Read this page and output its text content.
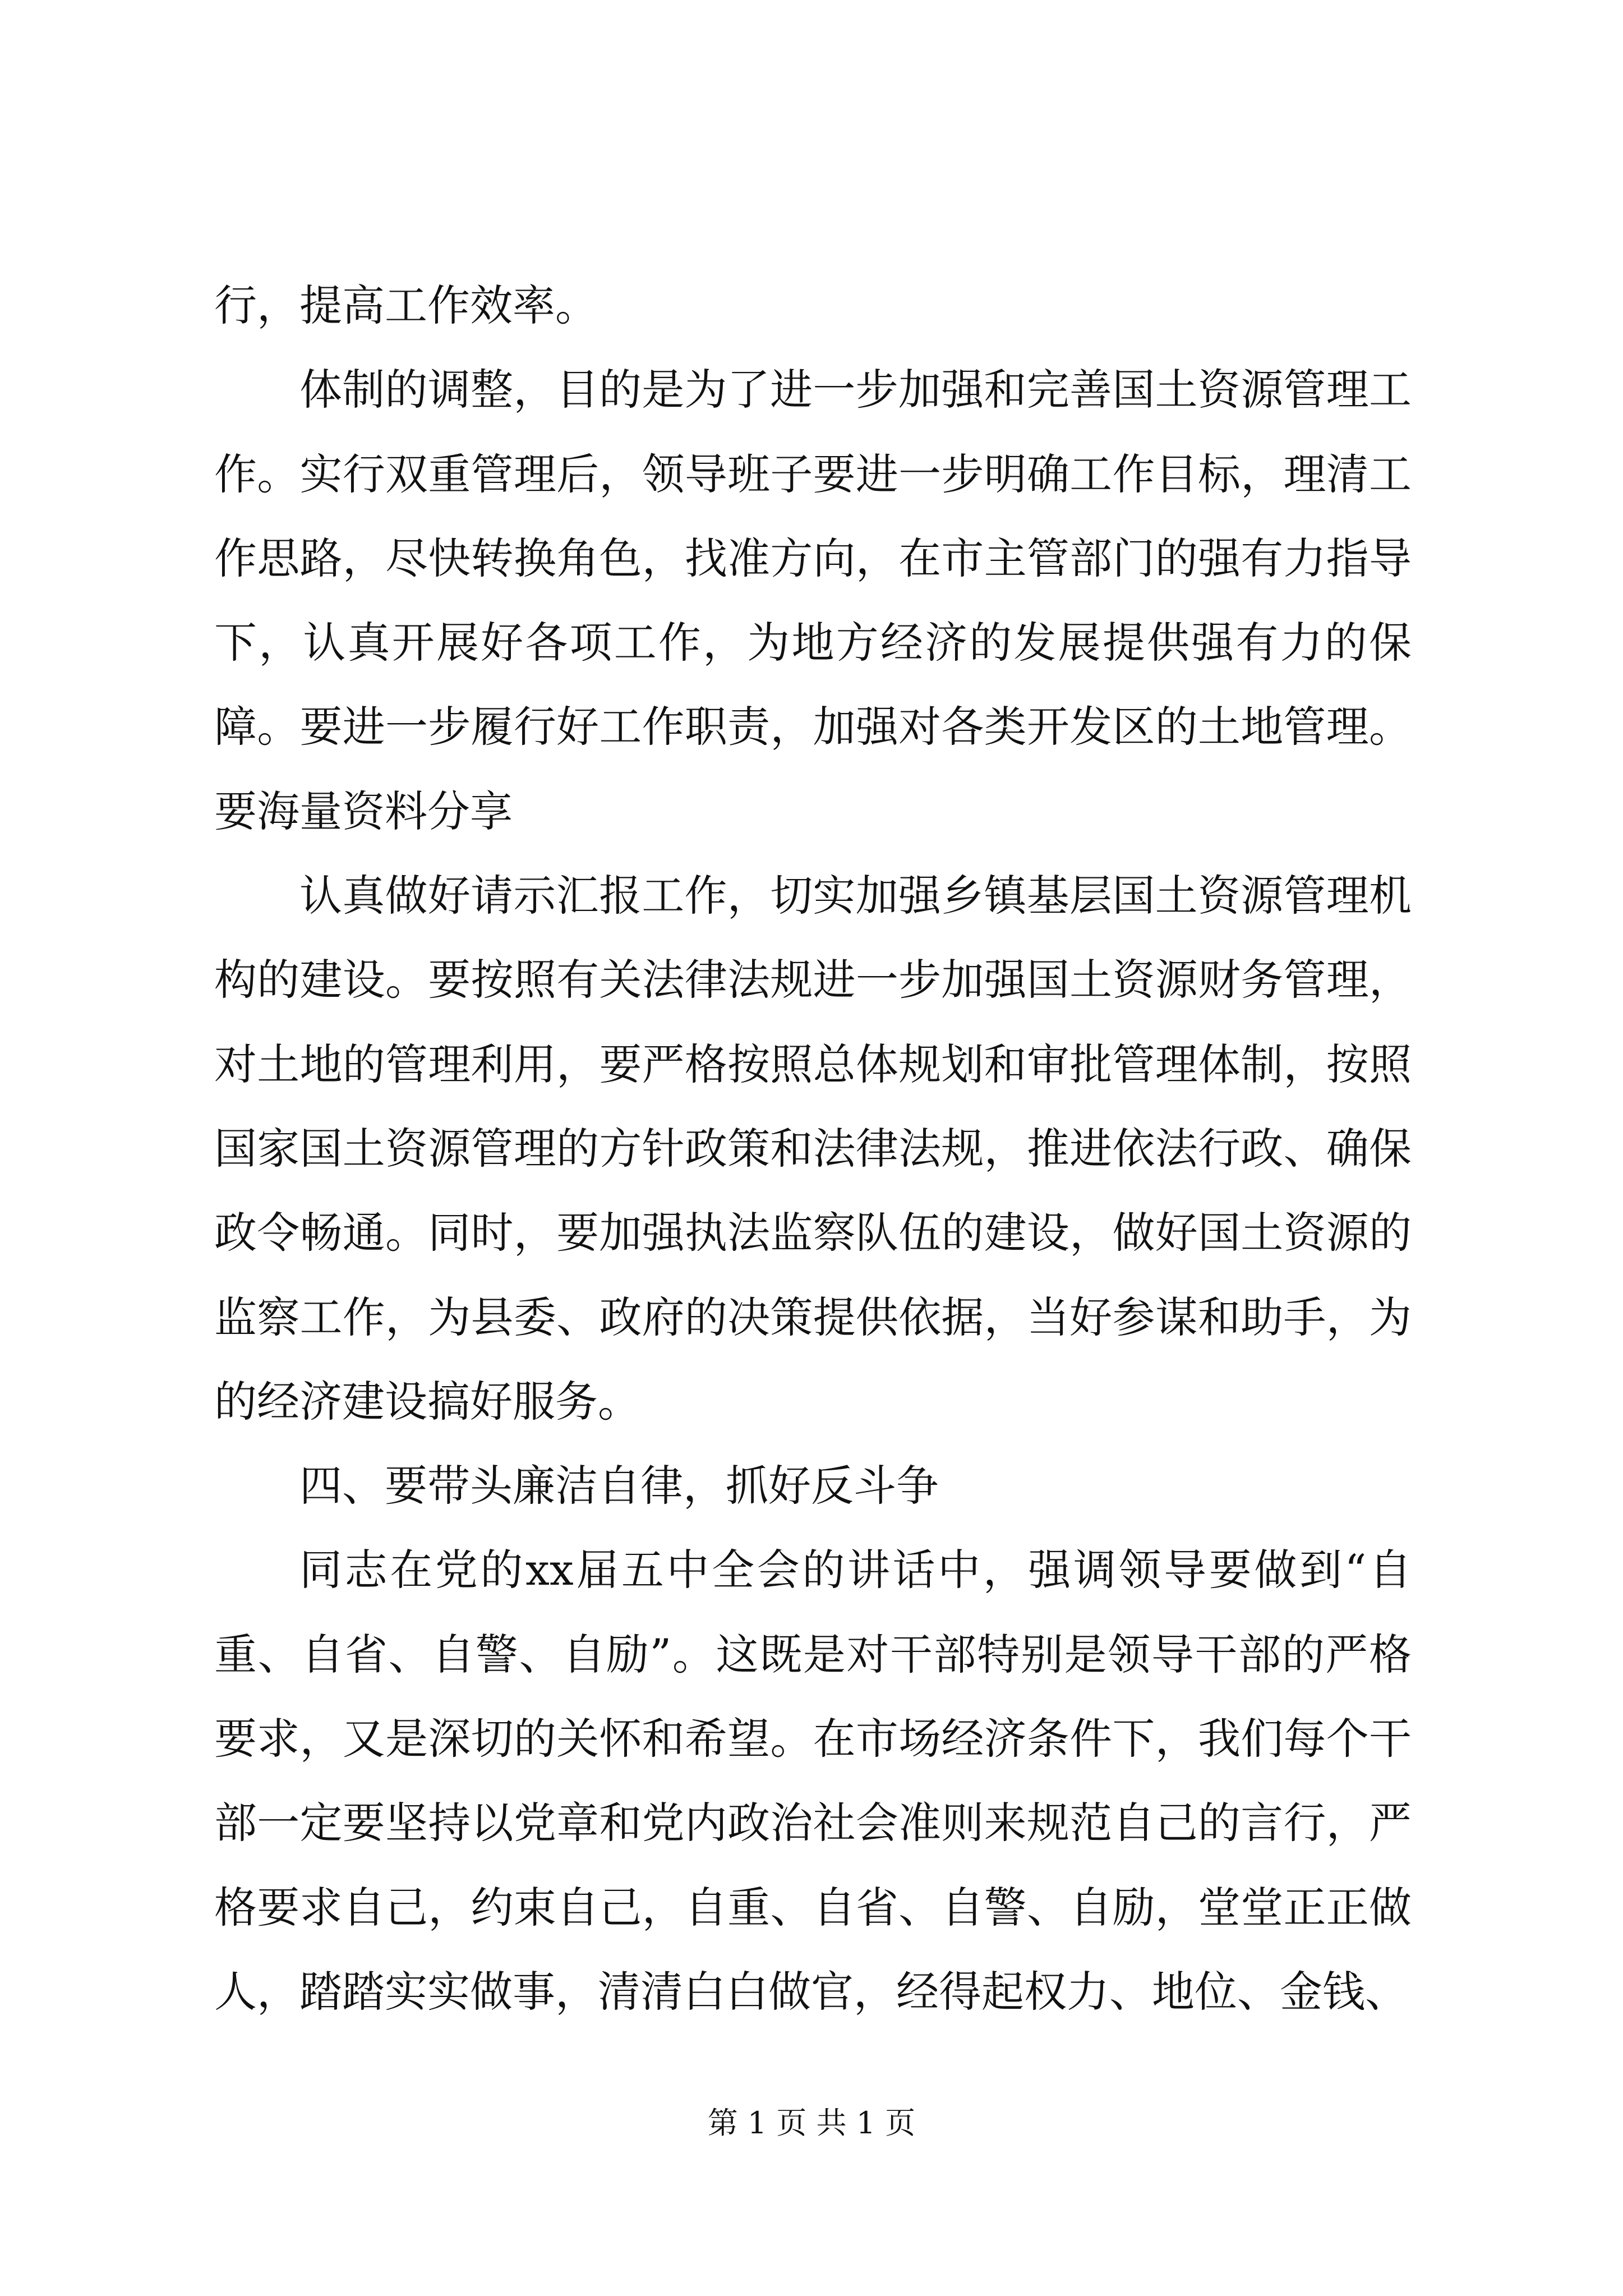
行，提高工作效率。

体制的调整，目的是为了进一步加强和完善国土资源管理工作。实行双重管理后，领导班子要进一步明确工作目标，理清工作思路，尽快转换角色，找准方向，在市主管部门的强有力指导下，认真开展好各项工作，为地方经济的发展提供强有力的保障。要进一步履行好工作职责，加强对各类开发区的土地管理。要海量资料分享

认真做好请示汇报工作，切实加强乡镇基层国土资源管理机构的建设。要按照有关法律法规进一步加强国土资源财务管理，对土地的管理利用，要严格按照总体规划和审批管理体制，按照国家国土资源管理的方针政策和法律法规，推进依法行政、确保政令畅通。同时，要加强执法监察队伍的建设，做好国土资源的监察工作，为县委、政府的决策提供依据，当好参谋和助手，为的经济建设搞好服务。

四、要带头廉洁自律，抓好反斗争

同志在党的xx届五中全会的讲话中，强调领导要做到“自重、自省、自警、自励”。这既是对干部特别是领导干部的严格要求，又是深切的关怀和希望。在市场经济条件下，我们每个干部一定要坚持以党章和党内政治社会准则来规范自己的言行，严格要求自己，约束自己，自重、自省、自警、自励，堂堂正正做人，踏踏实实做事，清清白白做官，经得起权力、地位、金钱、

第 1 页 共 1 页
